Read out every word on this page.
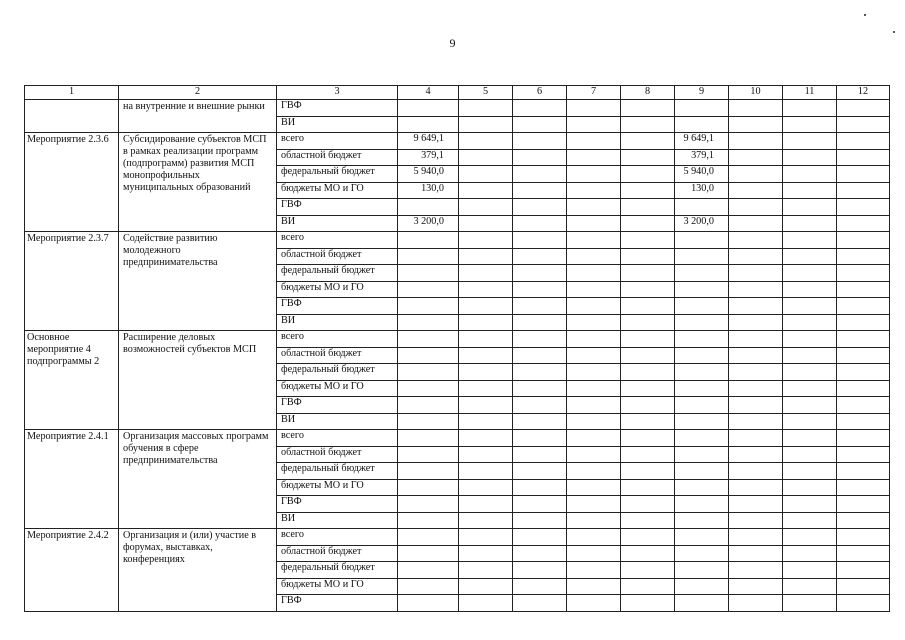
9
1	2	3	4	5	6	7	8	9	10	11	12
	на внутренние и внешние рынки	ГВФ									
		ВИ									
Мероприятие 2.3.6	Субсидирование субъектов МСП в рамках реализации программ (подпрограмм) развития МСП монопрофильных муниципальных образований	всего	9 649,1					9 649,1			
		областной бюджет	379,1					379,1			
		федеральный бюджет	5 940,0					5 940,0			
		бюджеты МО и ГО	130,0					130,0			
		ГВФ									
		ВИ	3 200,0					3 200,0			
Мероприятие 2.3.7	Содействие развитию молодежного предпринимательства	всего									
		областной бюджет									
		федеральный бюджет									
		бюджеты МО и ГО									
		ГВФ									
		ВИ									
Основное мероприятие 4 подпрограммы 2	Расширение деловых возможностей субъектов МСП	всего									
		областной бюджет									
		федеральный бюджет									
		бюджеты МО и ГО									
		ГВФ									
		ВИ									
Мероприятие 2.4.1	Организация массовых программ обучения в сфере предпринимательства	всего									
		областной бюджет									
		федеральный бюджет									
		бюджеты МО и ГО									
		ГВФ									
		ВИ									
Мероприятие 2.4.2	Организация и (или) участие в форумах, выставках, конференциях	всего									
		областной бюджет									
		федеральный бюджет									
		бюджеты МО и ГО									
		ГВФ									
